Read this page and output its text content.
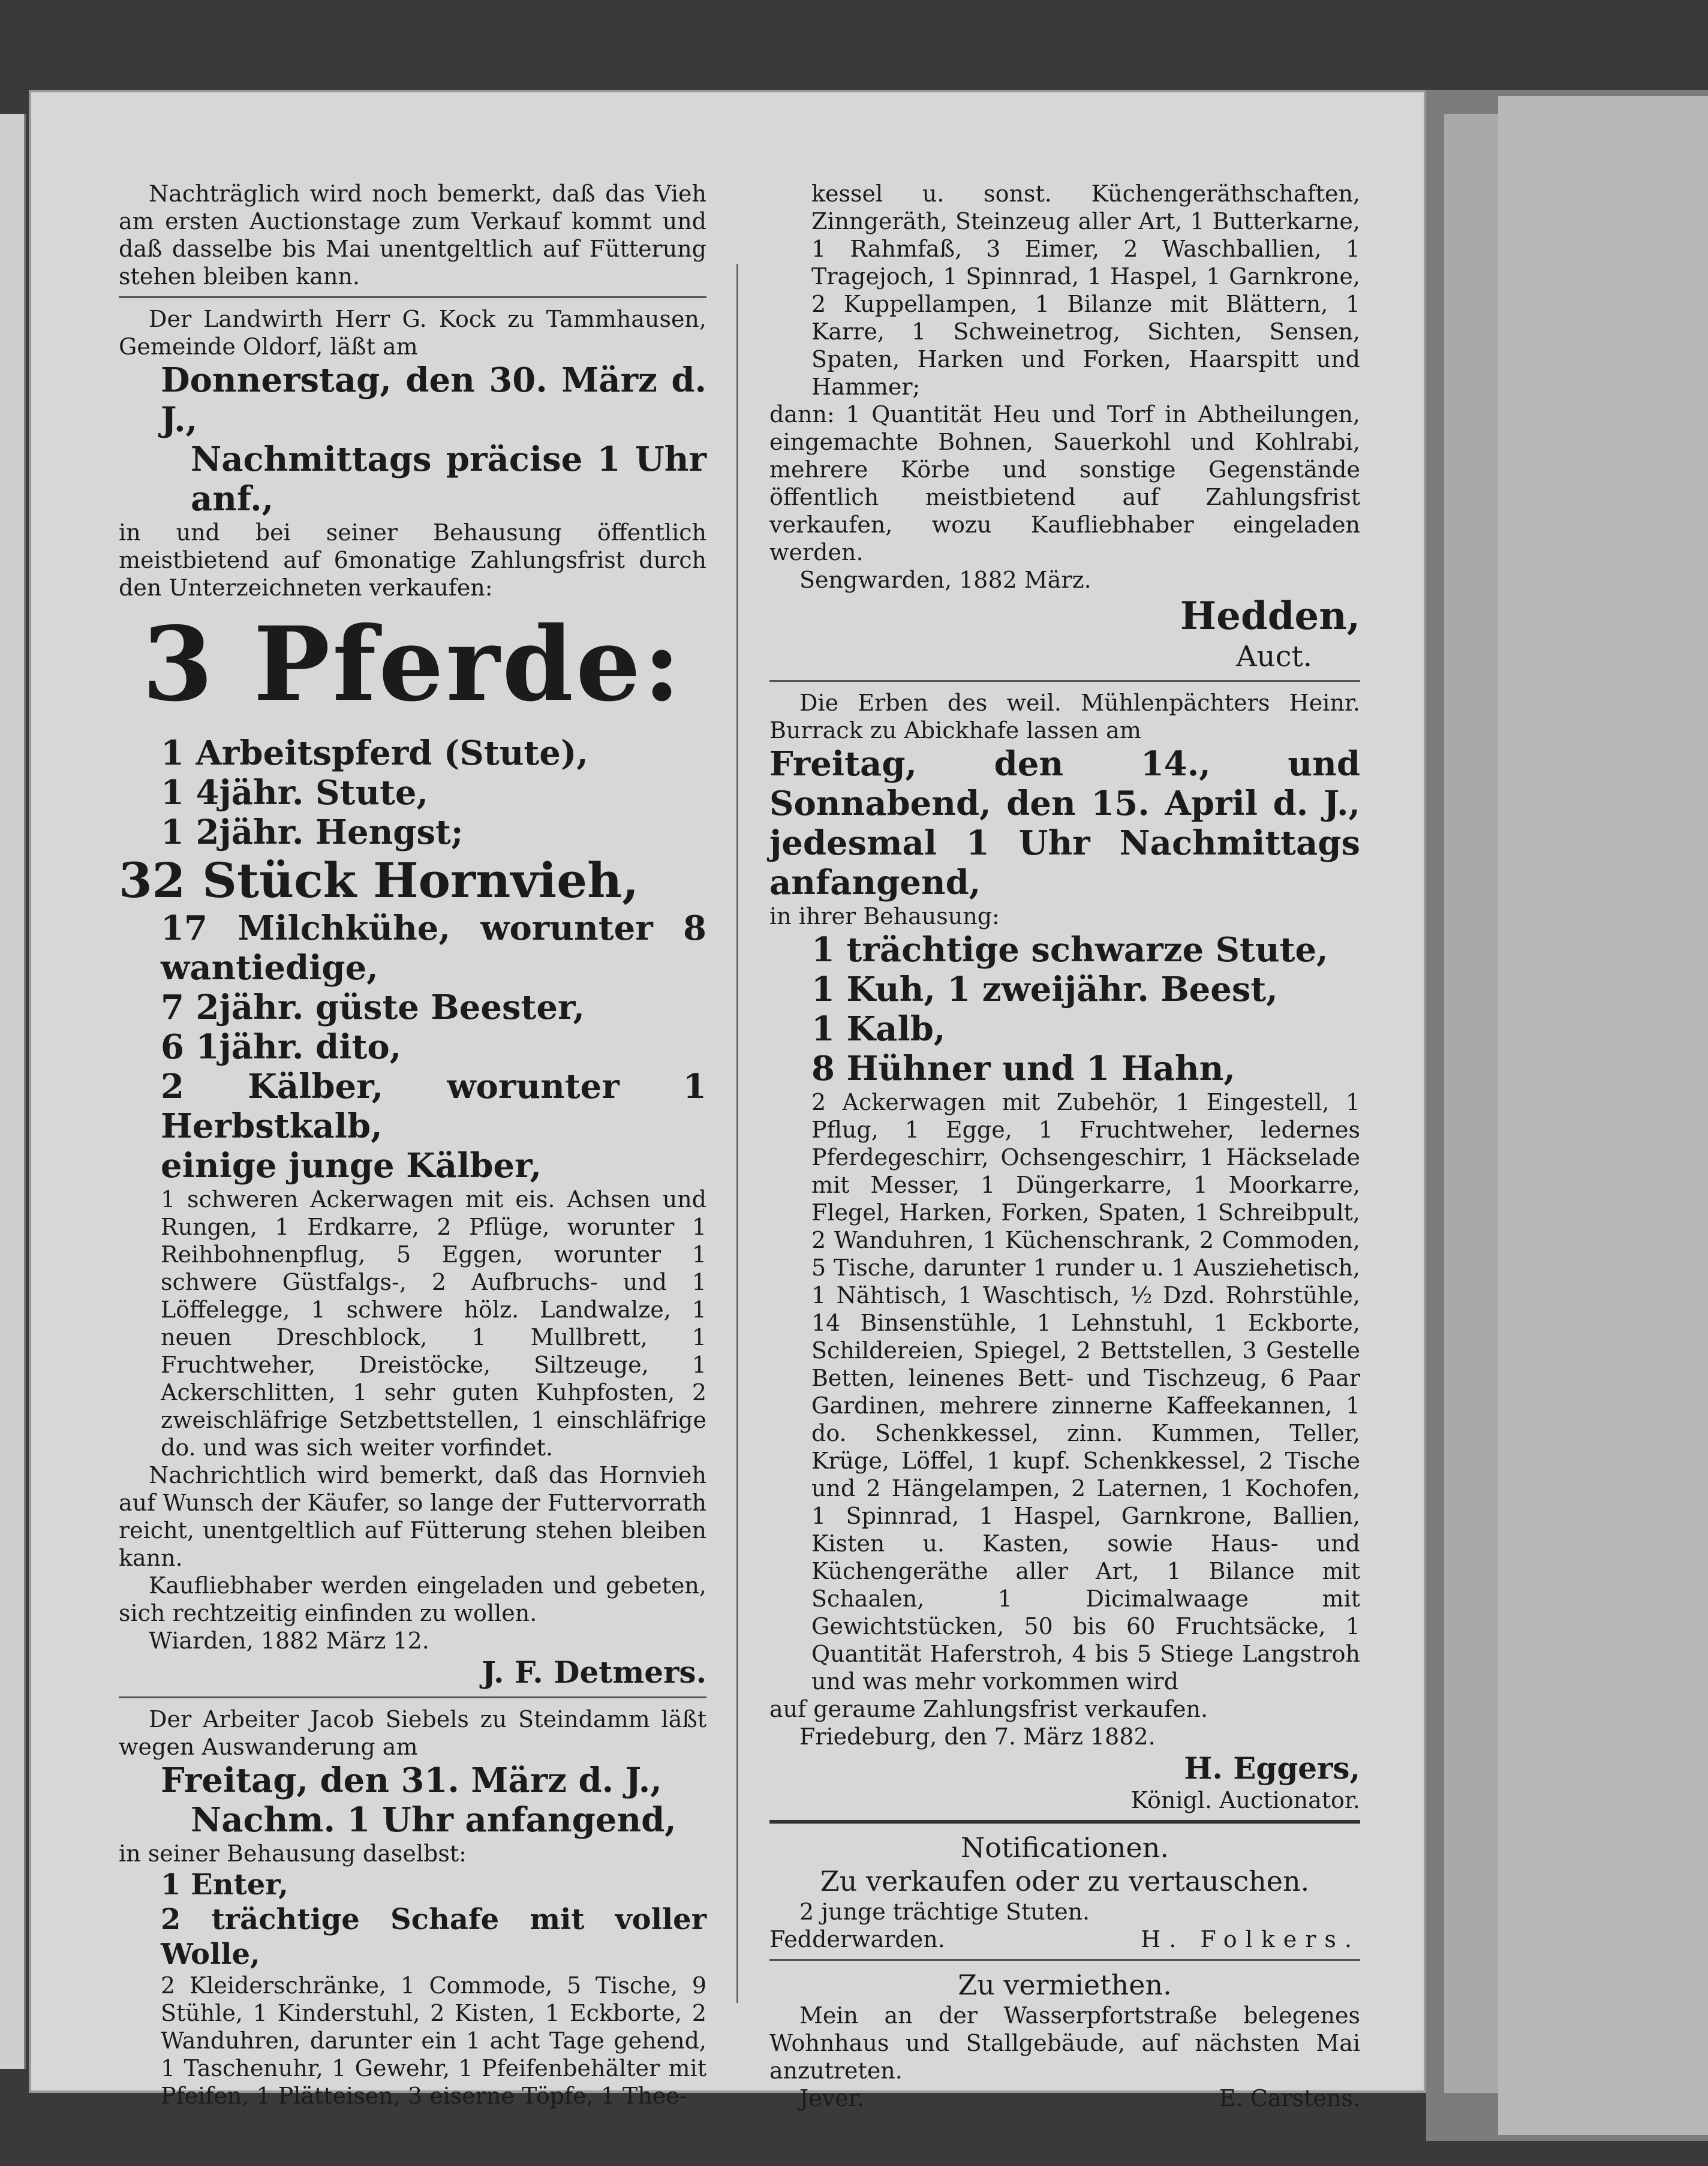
Nachträglich wird noch bemerkt, daß das Vieh am ersten Auctionstage zum Verkauf kommt und daß dasselbe bis Mai unentgeltlich auf Fütterung stehen bleiben kann.

Der Landwirth Herr G. Kock zu Tammhausen, Gemeinde Oldorf, läßt am

Donnerstag, den 30. März d. J.,

Nachmittags präcise 1 Uhr anf.,

in und bei seiner Behausung öffentlich meistbietend auf 6monatige Zahlungsfrist durch den Unterzeichneten verkaufen:

3 Pferde:

1 Arbeitspferd (Stute),

1 4jähr. Stute,

1 2jähr. Hengst;

32 Stück Hornvieh,

17 Milchkühe, worunter 8 wantiedige,

7 2jähr. güste Beester,

6 1jähr. dito,

2 Kälber, worunter 1 Herbstkalb,

einige junge Kälber,

1 schweren Ackerwagen mit eis. Achsen und Rungen, 1 Erdkarre, 2 Pflüge, worunter 1 Reihbohnenpflug, 5 Eggen, worunter 1 schwere Güstfalgs-, 2 Aufbruchs- und 1 Löffelegge, 1 schwere hölz. Landwalze, 1 neuen Dreschblock, 1 Mullbrett, 1 Fruchtweher, Dreistöcke, Siltzeuge, 1 Ackerschlitten, 1 sehr guten Kuhpfosten, 2 zweischläfrige Setzbettstellen, 1 einschläfrige do. und was sich weiter vorfindet.

Nachrichtlich wird bemerkt, daß das Hornvieh auf Wunsch der Käufer, so lange der Futtervorrath reicht, unentgeltlich auf Fütterung stehen bleiben kann.

Kaufliebhaber werden eingeladen und gebeten, sich rechtzeitig einfinden zu wollen.

Wiarden, 1882 März 12.

J. F. Detmers.

Der Arbeiter Jacob Siebels zu Steindamm läßt wegen Auswanderung am

Freitag, den 31. März d. J.,

Nachm. 1 Uhr anfangend,

in seiner Behausung daselbst:

1 Enter,

2 trächtige Schafe mit voller Wolle,

2 Kleiderschränke, 1 Commode, 5 Tische, 9 Stühle, 1 Kinderstuhl, 2 Kisten, 1 Eckborte, 2 Wanduhren, darunter ein 1 acht Tage gehend, 1 Taschenuhr, 1 Gewehr, 1 Pfeifenbehälter mit Pfeifen, 1 Plätteisen, 3 eiserne Töpfe, 1 Thee-

kessel u. sonst. Küchengeräthschaften, Zinngeräth, Steinzeug aller Art, 1 Butterkarne, 1 Rahmfaß, 3 Eimer, 2 Waschballien, 1 Tragejoch, 1 Spinnrad, 1 Haspel, 1 Garnkrone, 2 Kuppellampen, 1 Bilanze mit Blättern, 1 Karre, 1 Schweinetrog, Sichten, Sensen, Spaten, Harken und Forken, Haarspitt und Hammer;

dann: 1 Quantität Heu und Torf in Abtheilungen, eingemachte Bohnen, Sauerkohl und Kohlrabi, mehrere Körbe und sonstige Gegenstände öffentlich meistbietend auf Zahlungsfrist verkaufen, wozu Kaufliebhaber eingeladen werden.

Sengwarden, 1882 März.

Hedden,

Auct.

Die Erben des weil. Mühlenpächters Heinr. Burrack zu Abickhafe lassen am

Freitag, den 14., und Sonnabend, den 15. April d. J., jedesmal 1 Uhr Nachmittags anfangend,

in ihrer Behausung:

1 trächtige schwarze Stute,

1 Kuh, 1 zweijähr. Beest,

1 Kalb,

8 Hühner und 1 Hahn,

2 Ackerwagen mit Zubehör, 1 Eingestell, 1 Pflug, 1 Egge, 1 Fruchtweher, ledernes Pferdegeschirr, Ochsengeschirr, 1 Häckselade mit Messer, 1 Düngerkarre, 1 Moorkarre, Flegel, Harken, Forken, Spaten, 1 Schreibpult, 2 Wanduhren, 1 Küchenschrank, 2 Commoden, 5 Tische, darunter 1 runder u. 1 Ausziehetisch, 1 Nähtisch, 1 Waschtisch, ½ Dzd. Rohrstühle, 14 Binsenstühle, 1 Lehnstuhl, 1 Eckborte, Schildereien, Spiegel, 2 Bettstellen, 3 Gestelle Betten, leinenes Bett- und Tischzeug, 6 Paar Gardinen, mehrere zinnerne Kaffeekannen, 1 do. Schenkkessel, zinn. Kummen, Teller, Krüge, Löffel, 1 kupf. Schenkkessel, 2 Tische und 2 Hängelampen, 2 Laternen, 1 Kochofen, 1 Spinnrad, 1 Haspel, Garnkrone, Ballien, Kisten u. Kasten, sowie Haus- und Küchengeräthe aller Art, 1 Bilance mit Schaalen, 1 Dicimalwaage mit Gewichtstücken, 50 bis 60 Fruchtsäcke, 1 Quantität Haferstroh, 4 bis 5 Stiege Langstroh und was mehr vorkommen wird

auf geraume Zahlungsfrist verkaufen.

Friedeburg, den 7. März 1882.

H. Eggers,

Königl. Auctionator.

Notificationen.

Zu verkaufen oder zu vertauschen.

2 junge trächtige Stuten.

Fedderwarden.	H. Folkers.

Zu vermiethen.

Mein an der Wasserpfortstraße belegenes Wohnhaus und Stallgebäude, auf nächsten Mai anzutreten.

Jever.	E. Carstens.
